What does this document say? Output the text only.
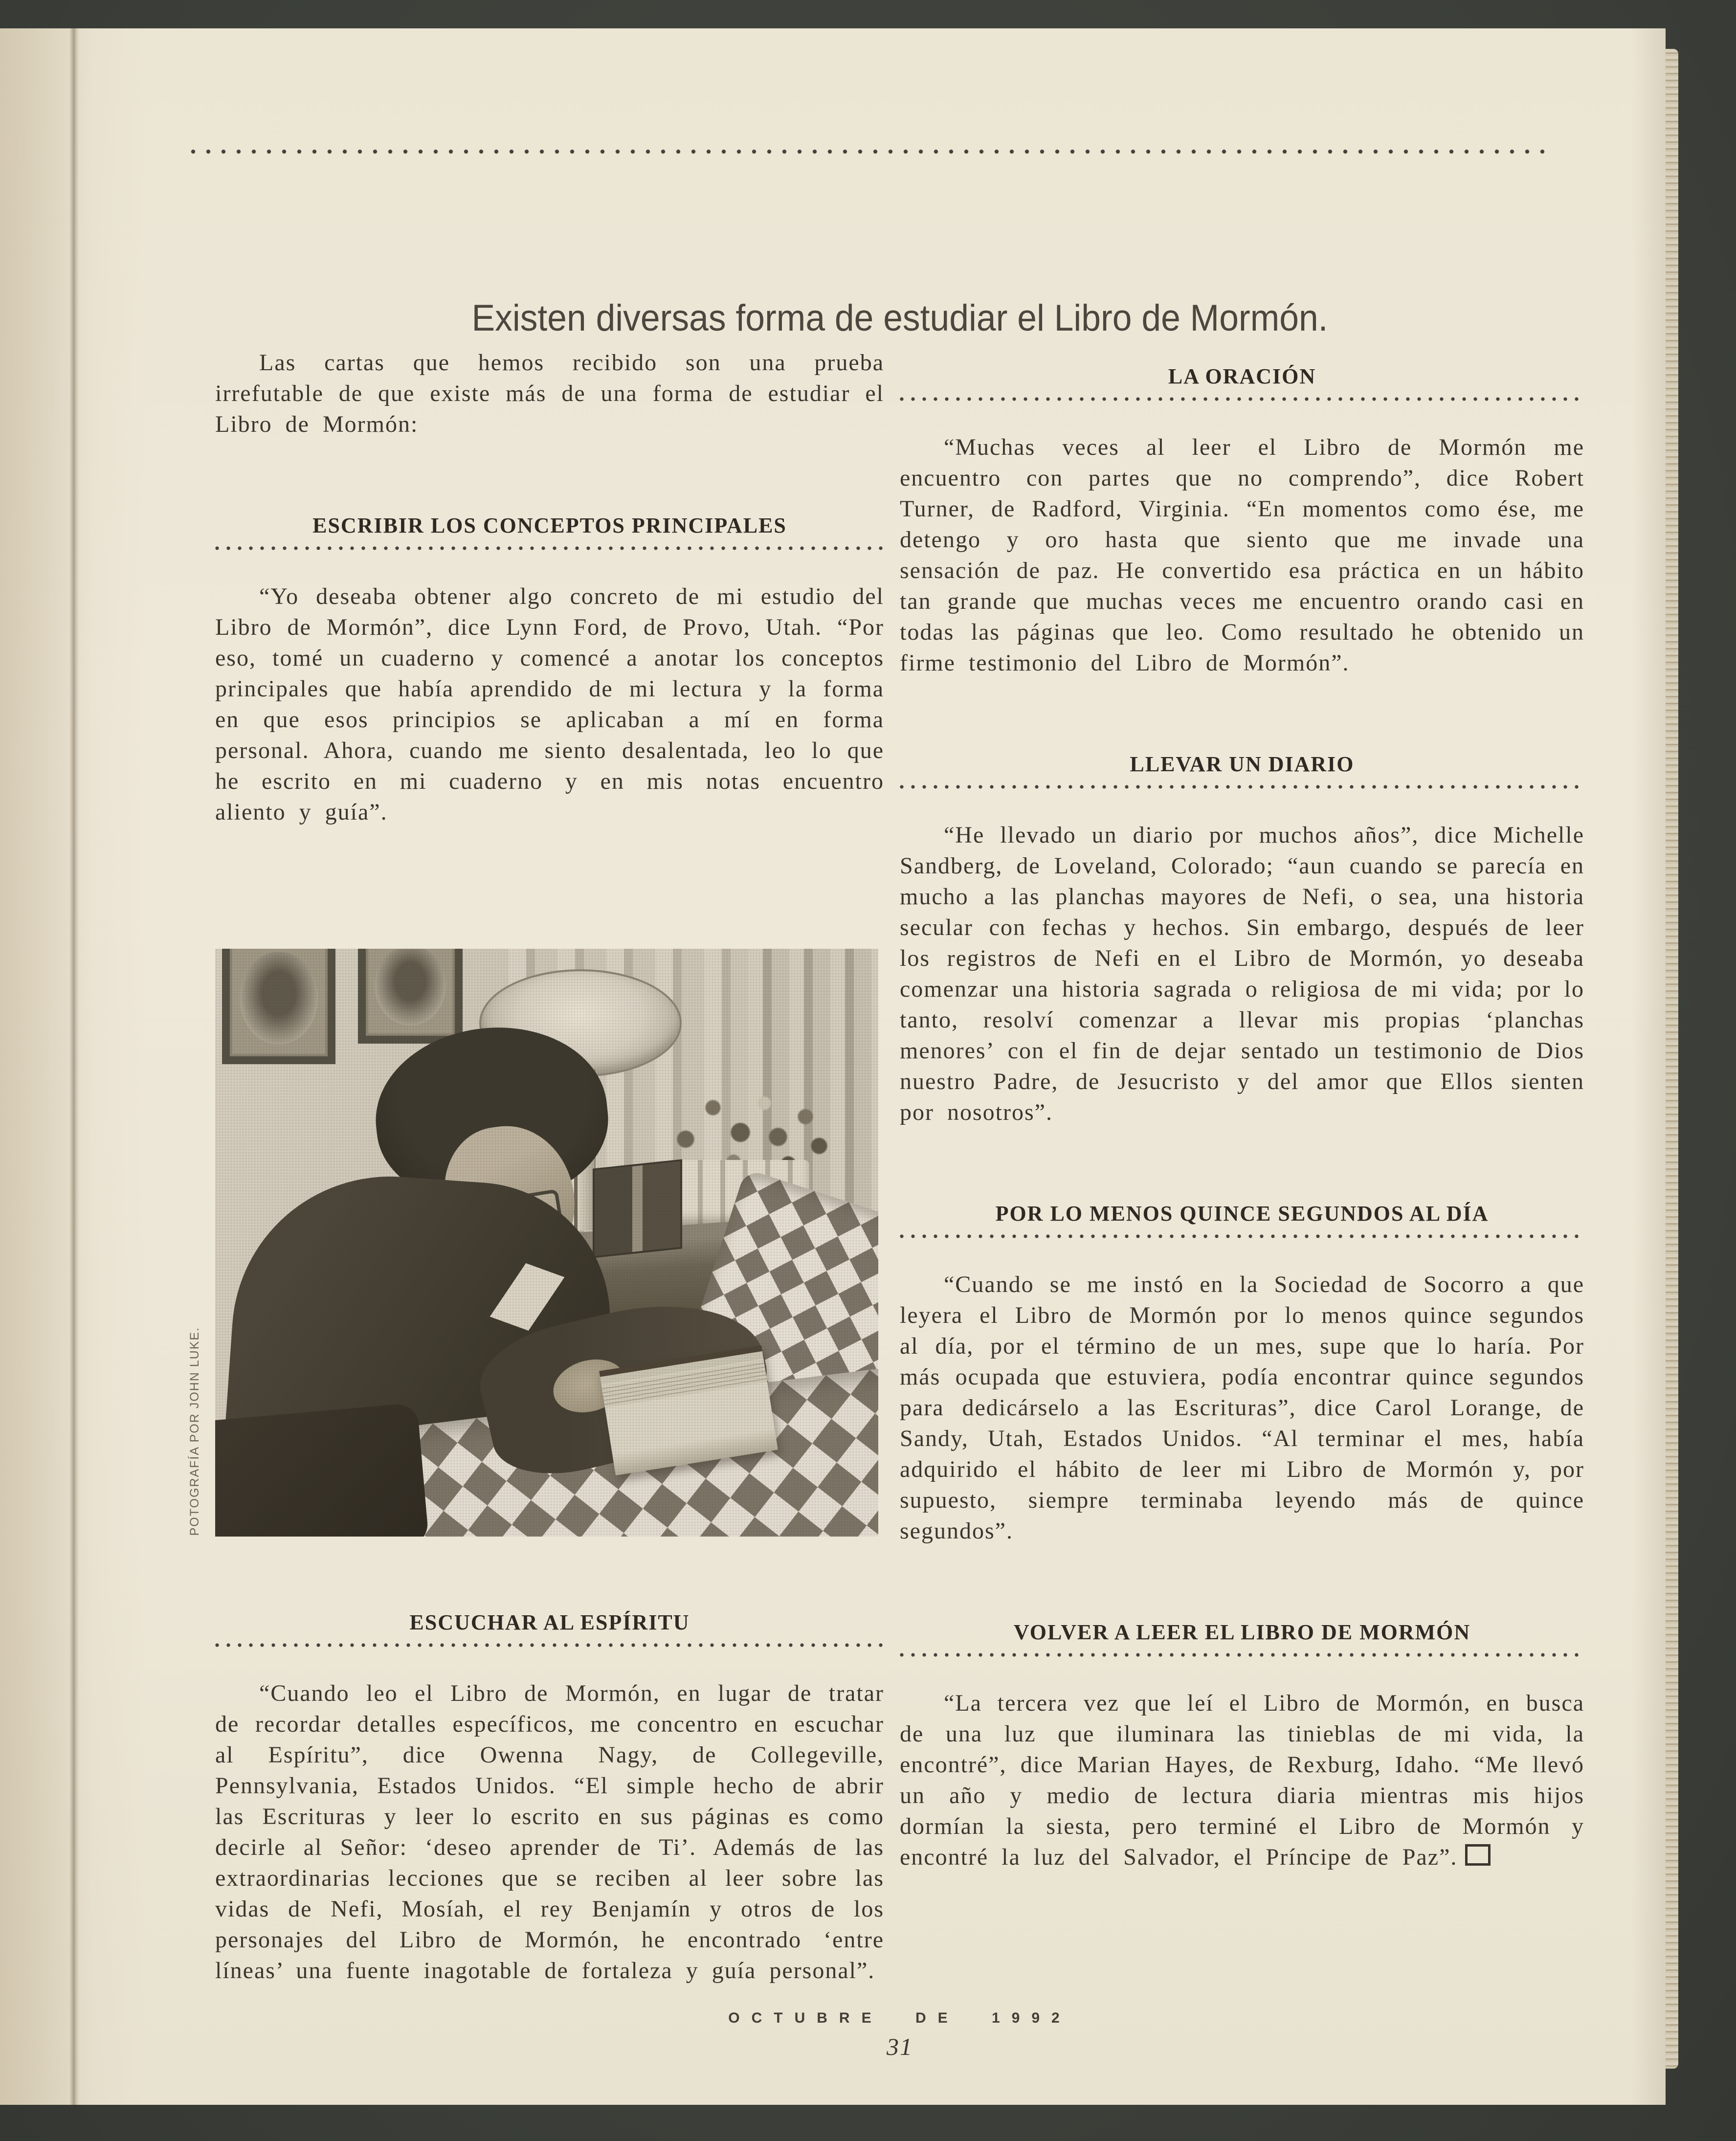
Existen diversas forma de estudiar el Libro de Mormón.

Las cartas que hemos recibido son una prueba irrefutable de que existe más de una forma de estudiar el Libro de Mormón:

ESCRIBIR LOS CONCEPTOS PRINCIPALES

“Yo deseaba obtener algo concreto de mi estudio del Libro de Mormón”, dice Lynn Ford, de Provo, Utah. “Por eso, tomé un cuaderno y comencé a anotar los conceptos principales que había aprendido de mi lectura y la forma en que esos principios se aplicaban a mí en forma personal. Ahora, cuando me siento desalentada, leo lo que he escrito en mi cuaderno y en mis notas encuentro aliento y guía”.

POTOGRAFÍA POR JOHN LUKE.
ESCUCHAR AL ESPÍRITU

“Cuando leo el Libro de Mormón, en lugar de tratar de recordar detalles específicos, me concentro en escuchar al Espíritu”, dice Owenna Nagy, de Collegeville, Pennsylvania, Estados Unidos. “El simple hecho de abrir las Escrituras y leer lo escrito en sus páginas es como decirle al Señor: ‘deseo aprender de Ti’. Además de las extraordinarias lecciones que se reciben al leer sobre las vidas de Nefi, Mosíah, el rey Benjamín y otros de los personajes del Libro de Mormón, he encontrado ‘entre líneas’ una fuente inagotable de fortaleza y guía personal”.

LA ORACIÓN

“Muchas veces al leer el Libro de Mormón me encuentro con partes que no comprendo”, dice Robert Turner, de Radford, Virginia. “En momentos como ése, me detengo y oro hasta que siento que me invade una sensación de paz. He convertido esa práctica en un hábito tan grande que muchas veces me encuentro orando casi en todas las páginas que leo. Como resultado he obtenido un firme testimonio del Libro de Mormón”.

LLEVAR UN DIARIO

“He llevado un diario por muchos años”, dice Michelle Sandberg, de Loveland, Colorado; “aun cuando se parecía en mucho a las planchas mayores de Nefi, o sea, una historia secular con fechas y hechos. Sin embargo, después de leer los registros de Nefi en el Libro de Mormón, yo deseaba comenzar una historia sagrada o religiosa de mi vida; por lo tanto, resolví comenzar a llevar mis propias ‘planchas menores’ con el fin de dejar sentado un testimonio de Dios nuestro Padre, de Jesucristo y del amor que Ellos sienten por nosotros”.

POR LO MENOS QUINCE SEGUNDOS AL DÍA

“Cuando se me instó en la Sociedad de Socorro a que leyera el Libro de Mormón por lo menos quince segundos al día, por el término de un mes, supe que lo haría. Por más ocupada que estuviera, podía encontrar quince segundos para dedicárselo a las Escrituras”, dice Carol Lorange, de Sandy, Utah, Estados Unidos. “Al terminar el mes, había adquirido el hábito de leer mi Libro de Mormón y, por supuesto, siempre terminaba leyendo más de quince segundos”.

VOLVER A LEER EL LIBRO DE MORMÓN

“La tercera vez que leí el Libro de Mormón, en busca de una luz que iluminara las tinieblas de mi vida, la encontré”, dice Marian Hayes, de Rexburg, Idaho. “Me llevó un año y medio de lectura diaria mientras mis hijos dormían la siesta, pero terminé el Libro de Mormón y encontré la luz del Salvador, el Príncipe de Paz”.

OCTUBRE DE 1992
31
